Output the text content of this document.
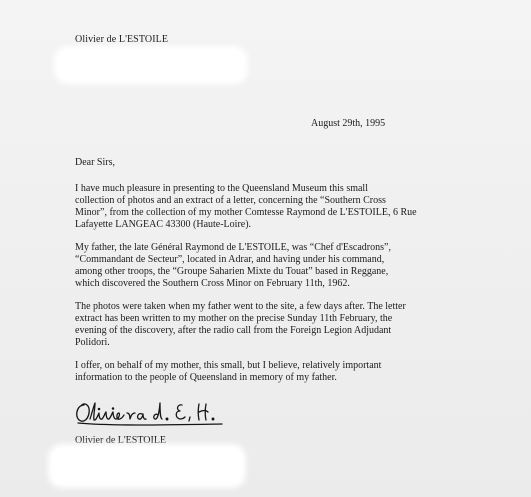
Olivier de L'ESTOILE
August 29th, 1995
Dear Sirs,

I have much pleasure in presenting to the Queensland Museum this small
collection of photos and an extract of a letter, concerning the “Southern Cross
Minor”, from the collection of my mother Comtesse Raymond de L'ESTOILE, 6 Rue
Lafayette LANGEAC 43300 (Haute-Loire).

My father, the late Général Raymond de L'ESTOILE, was “Chef d'Escadrons”,
“Commandant de Secteur”, located in Adrar, and having under his command,
among other troops, the “Groupe Saharien Mixte du Touat” based in Reggane,
which discovered the Southern Cross Minor on February 11th, 1962.

The photos were taken when my father went to the site, a few days after. The letter
extract has been written to my mother on the precise Sunday 11th February, the
evening of the discovery, after the radio call from the Foreign Legion Adjudant
Polidori.

I offer, on behalf of my mother, this small, but I believe, relatively important
information to the people of Queensland in memory of my father.

Olivier de L'ESTOILE
